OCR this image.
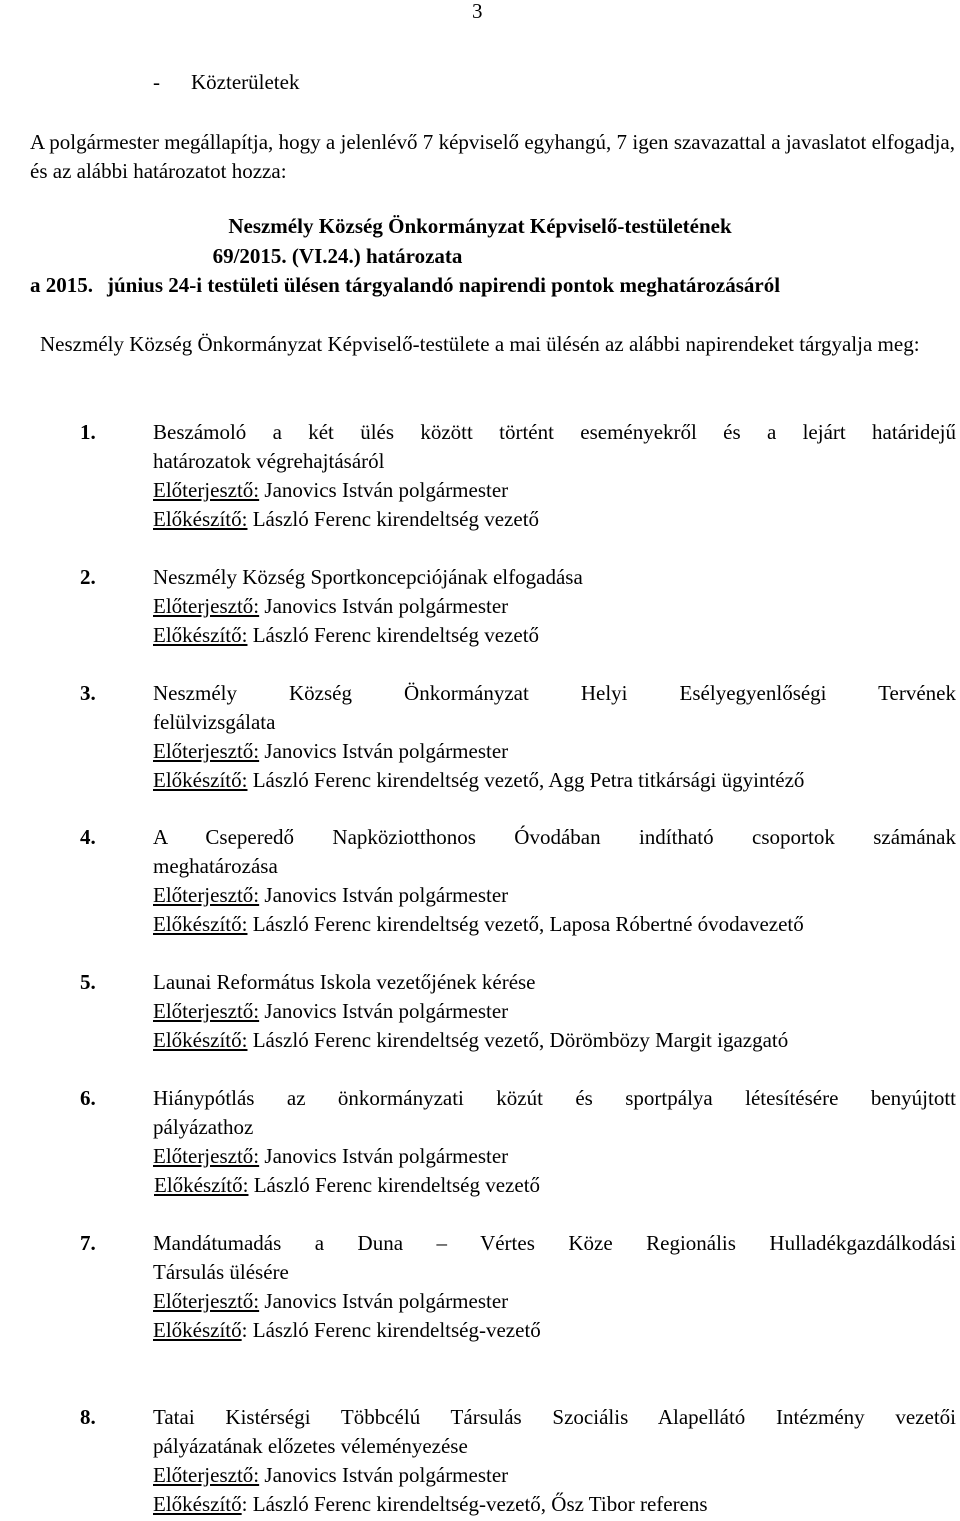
3
- Közterületek
A polgármester megállapítja, hogy a jelenlévő 7 képviselő egyhangú, 7 igen szavazattal a javaslatot elfogadja, és az alábbi határozatot hozza:
Neszmély Község Önkormányzat Képviselő-testületének
69/2015. (VI.24.) határozata
a 2015. június 24-i testületi ülésen tárgyalandó napirendi pontok meghatározásáról
Neszmély Község Önkormányzat Képviselő-testülete a mai ülésén az alábbi napirendeket tárgyalja meg:
1.	Beszámoló a két ülés között történt eseményekről és a lejárt határidejű
határozatok végrehajtásáról
Előterjesztő: Janovics István polgármester
Előkészítő: László Ferenc kirendeltség vezető
2.	Neszmély Község Sportkoncepciójának elfogadása
Előterjesztő: Janovics István polgármester
Előkészítő: László Ferenc kirendeltség vezető
3.	Neszmély Község Önkormányzat Helyi Esélyegyenlőségi Tervének
felülvizsgálata
Előterjesztő: Janovics István polgármester
Előkészítő: László Ferenc kirendeltség vezető, Agg Petra titkársági ügyintéző
4.	A Cseperedő Napköziotthonos Óvodában indítható csoportok számának
meghatározása
Előterjesztő: Janovics István polgármester
Előkészítő: László Ferenc kirendeltség vezető, Laposa Róbertné óvodavezető
5.	Launai Református Iskola vezetőjének kérése
Előterjesztő: Janovics István polgármester
Előkészítő: László Ferenc kirendeltség vezető, Dörömbözy Margit igazgató
6.	Hiánypótlás az önkormányzati közút és sportpálya létesítésére benyújtott
pályázathoz
Előterjesztő: Janovics István polgármester
Előkészítő: László Ferenc kirendeltség vezető
7.	Mandátumadás a Duna – Vértes Köze Regionális Hulladékgazdálkodási
Társulás ülésére
Előterjesztő: Janovics István polgármester
Előkészítő: László Ferenc kirendeltség-vezető
8.	Tatai Kistérségi Többcélú Társulás Szociális Alapellátó Intézmény vezetői
pályázatának előzetes véleményezése
Előterjesztő: Janovics István polgármester
Előkészítő: László Ferenc kirendeltség-vezető, Ősz Tibor referens
